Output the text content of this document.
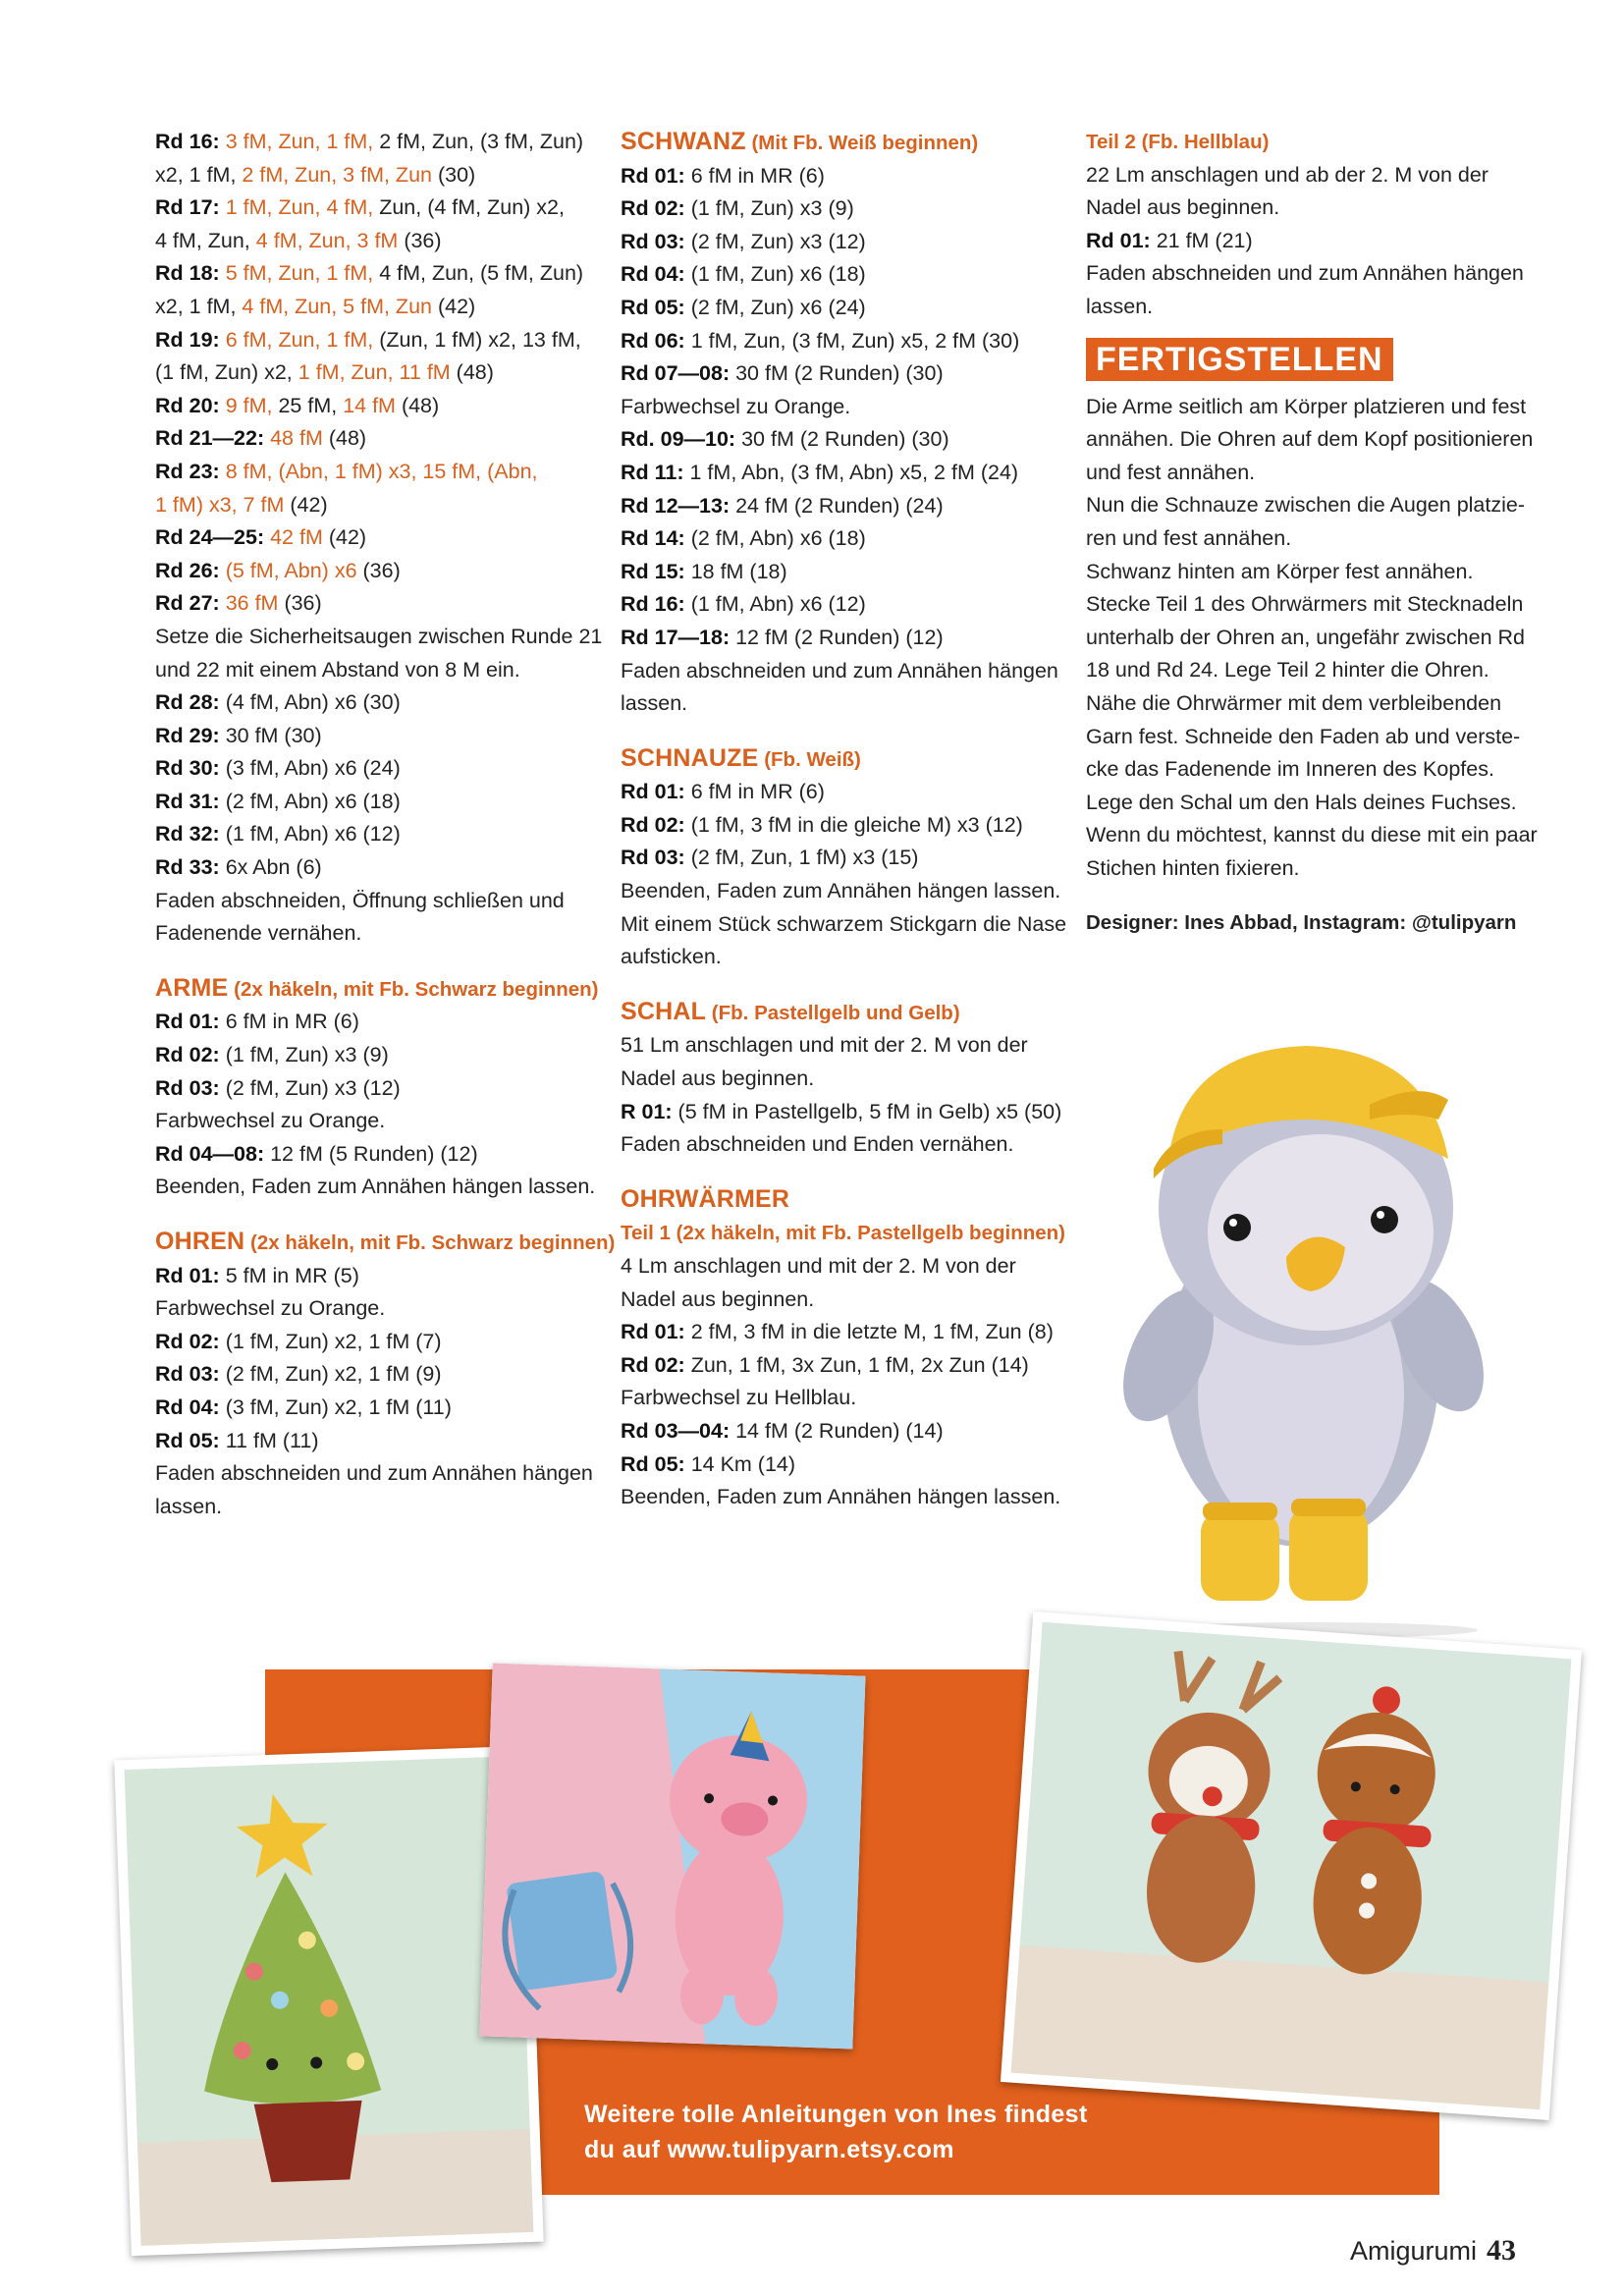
Rd 16: 3 fM, Zun, 1 fM, 2 fM, Zun, (3 fM, Zun)
x2, 1 fM, 2 fM, Zun, 3 fM, Zun (30)
Rd 17: 1 fM, Zun, 4 fM, Zun, (4 fM, Zun) x2,
4 fM, Zun, 4 fM, Zun, 3 fM (36)
Rd 18: 5 fM, Zun, 1 fM, 4 fM, Zun, (5 fM, Zun)
x2, 1 fM, 4 fM, Zun, 5 fM, Zun (42)
Rd 19: 6 fM, Zun, 1 fM, (Zun, 1 fM) x2, 13 fM,
(1 fM, Zun) x2, 1 fM, Zun, 11 fM (48)
Rd 20: 9 fM, 25 fM, 14 fM (48)
Rd 21—22: 48 fM (48)
Rd 23: 8 fM, (Abn, 1 fM) x3, 15 fM, (Abn,
1 fM) x3, 7 fM (42)
Rd 24—25: 42 fM (42)
Rd 26: (5 fM, Abn) x6 (36)
Rd 27: 36 fM (36)
Setze die Sicherheitsaugen zwischen Runde 21
und 22 mit einem Abstand von 8 M ein.
Rd 28: (4 fM, Abn) x6 (30)
Rd 29: 30 fM (30)
Rd 30: (3 fM, Abn) x6 (24)
Rd 31: (2 fM, Abn) x6 (18)
Rd 32: (1 fM, Abn) x6 (12)
Rd 33: 6x Abn (6)
Faden abschneiden, Öffnung schließen und
Fadenende vernähen.
ARME (2x häkeln, mit Fb. Schwarz beginnen)
Rd 01: 6 fM in MR (6)
Rd 02: (1 fM, Zun) x3 (9)
Rd 03: (2 fM, Zun) x3 (12)
Farbwechsel zu Orange.
Rd 04—08: 12 fM (5 Runden) (12)
Beenden, Faden zum Annähen hängen lassen.
OHREN (2x häkeln, mit Fb. Schwarz beginnen)
Rd 01: 5 fM in MR (5)
Farbwechsel zu Orange.
Rd 02: (1 fM, Zun) x2, 1 fM (7)
Rd 03: (2 fM, Zun) x2, 1 fM (9)
Rd 04: (3 fM, Zun) x2, 1 fM (11)
Rd 05: 11 fM (11)
Faden abschneiden und zum Annähen hängen
lassen.
SCHWANZ (Mit Fb. Weiß beginnen)
Rd 01: 6 fM in MR (6)
Rd 02: (1 fM, Zun) x3 (9)
Rd 03: (2 fM, Zun) x3 (12)
Rd 04: (1 fM, Zun) x6 (18)
Rd 05: (2 fM, Zun) x6 (24)
Rd 06: 1 fM, Zun, (3 fM, Zun) x5, 2 fM (30)
Rd 07—08: 30 fM (2 Runden) (30)
Farbwechsel zu Orange.
Rd. 09—10: 30 fM (2 Runden) (30)
Rd 11: 1 fM, Abn, (3 fM, Abn) x5, 2 fM (24)
Rd 12—13: 24 fM (2 Runden) (24)
Rd 14: (2 fM, Abn) x6 (18)
Rd 15: 18 fM (18)
Rd 16: (1 fM, Abn) x6 (12)
Rd 17—18: 12 fM (2 Runden) (12)
Faden abschneiden und zum Annähen hängen
lassen.
SCHNAUZE (Fb. Weiß)
Rd 01: 6 fM in MR (6)
Rd 02: (1 fM, 3 fM in die gleiche M) x3 (12)
Rd 03: (2 fM, Zun, 1 fM) x3 (15)
Beenden, Faden zum Annähen hängen lassen.
Mit einem Stück schwarzem Stickgarn die Nase
aufsticken.
SCHAL (Fb. Pastellgelb und Gelb)
51 Lm anschlagen und mit der 2. M von der
Nadel aus beginnen.
R 01: (5 fM in Pastellgelb, 5 fM in Gelb) x5 (50)
Faden abschneiden und Enden vernähen.
OHRWÄRMER
Teil 1 (2x häkeln, mit Fb. Pastellgelb beginnen)
4 Lm anschlagen und mit der 2. M von der
Nadel aus beginnen.
Rd 01: 2 fM, 3 fM in die letzte M, 1 fM, Zun (8)
Rd 02: Zun, 1 fM, 3x Zun, 1 fM, 2x Zun (14)
Farbwechsel zu Hellblau.
Rd 03—04: 14 fM (2 Runden) (14)
Rd 05: 14 Km (14)
Beenden, Faden zum Annähen hängen lassen.
Teil 2 (Fb. Hellblau)
22 Lm anschlagen und ab der 2. M von der
Nadel aus beginnen.
Rd 01: 21 fM (21)
Faden abschneiden und zum Annähen hängen
lassen.
FERTIGSTELLEN
Die Arme seitlich am Körper platzieren und fest
annähen. Die Ohren auf dem Kopf positionieren
und fest annähen.
Nun die Schnauze zwischen die Augen platzie-
ren und fest annähen.
Schwanz hinten am Körper fest annähen.
Stecke Teil 1 des Ohrwärmers mit Stecknadeln
unterhalb der Ohren an, ungefähr zwischen Rd
18 und Rd 24. Lege Teil 2 hinter die Ohren.
Nähe die Ohrwärmer mit dem verbleibenden
Garn fest. Schneide den Faden ab und verste-
cke das Fadenende im Inneren des Kopfes.
Lege den Schal um den Hals deines Fuchses.
Wenn du möchtest, kannst du diese mit ein paar
Stichen hinten fixieren.
Designer: Ines Abbad, Instagram: @tulipyarn
Weitere tolle Anleitungen von Ines findest
du auf www.tulipyarn.etsy.com
Amigurumi 43
